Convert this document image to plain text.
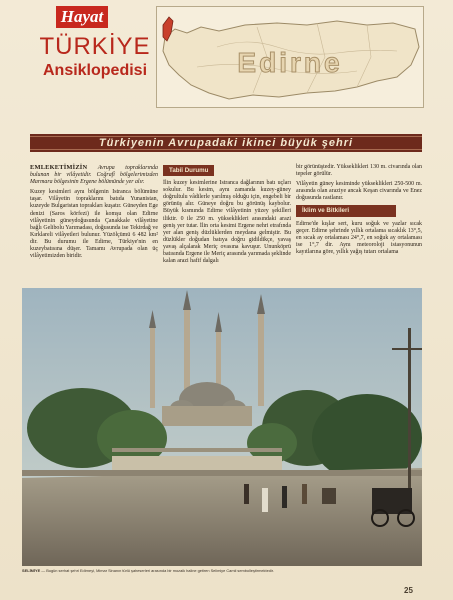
Hayat
TÜRKİYE
Ansiklopedisi	Edirne
Türkiyenin Avrupadaki ikinci büyük şehri

EMLEKETİMİZİN Avrupa topraklarında bulunan bir vilâyetidir. Coğrafî bölgelerimizden Marmara bölgesinin Ergene bölümünde yer alır.

Kuzey kesimleri aynı bölgenin Istranca bölümüne taşar. Vilâyetin topraklarını batıda Yunanistan, kuzeyde Bulgaristan toprakları kuşatır. Güneyden Ege denizi (Saros körfezi) ile komşu olan Edirne vilâyetinin güneydoğusunda Çanakkale vilâyetine bağlı Gelibolu Yarımadası, doğusunda ise Tekirdağ ve Kırklareli vilâyetleri bulunur. Yüzölçümü 6 482 km² dir. Bu durumu ile Edirne, Türkiye'nin en kuzeybatısına düşer. Tamamı Avrupada olan üç vilâyetimizden biridir.

Tabiî Durumu

İlin kuzey kesimlerine Istranca dağlarının batı uçları sokulur. Bu kesim, aynı zamanda kuzey-güney doğrultulu vâdilerle yarılmış olduğu için, engebeli bir görünüş alır. Güneye doğru bu görünüş kaybolur. Büyük kısmında Edirne vilâyetinin yüzey şekilleri iliktir. 0 ile 250 m. yükseklikleri arasındaki arazi geniş yer tutar. İlin orta kesimi Ergene nehri etrafında yer alan geniş düzlüklerden meydana gelmiştir. Bu düzlükler doğudan batıya doğru gidildikçe, yavaş yavaş alçalarak Meriç ovasına kavuşur. Ununköprü batısında Ergene ile Meriç arasında yarımada şeklinde kalan arazi hafif dalgalı

bir görünüştedir. Yükseklikleri 130 m. civarında olan tepeler görülür.

Vilâyetin güney kesiminde yükseklikleri 250-500 m. arasında olan araziye ancak Keşan civarında ve Enez doğusunda rastlanır.

İklim ve Bitkileri

Edirne'de kışlar sert, kuru soğuk ve yazlar sıcak geçer. Edirne şehrinde yıllık ortalama sıcaklık 13°,5, en sıcak ay ortalaması 24°,7, en soğuk ay ortalaması ise 1°,7 dir. Aynı meteoroloji istasyonunun kayıtlarına göre, yıllık yağış tutarı ortalama

SELİMİYE — Bugün serhat şehri Edirneyi, Mimar Sinanın türlü şaheserleri arasında bir mozaik haline getiren Selimiye Camii sembolleştirmektedir.
25
